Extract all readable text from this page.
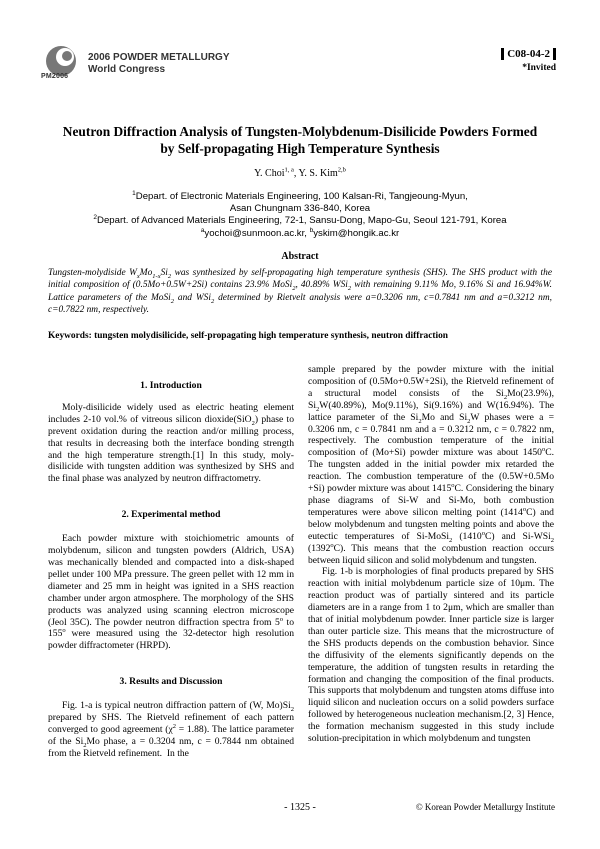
PM2006
2006 POWDER METALLURGY
World Congress
C08-04-2
*Invited
Neutron Diffraction Analysis of Tungsten-Molybdenum-Disilicide Powders Formed
by Self-propagating High Temperature Synthesis
Y. Choi$^{1, a}$, Y. S. Kim$^{2,b}$
$^1$Depart. of Electronic Materials Engineering, 100 Kalsan-Ri, Tangjeoung-Myun,
Asan Chungnam 336-840, Korea
$^2$Depart. of Advanced Materials Engineering, 72-1, Sansu-Dong, Mapo-Gu, Seoul 121-791, Korea
$^a$yochoi@sunmoon.ac.kr, $^b$yskim@hongik.ac.kr
Abstract
Tungsten-molydiside $W_xMo_{1-x}Si_2$ was synthesized by self-propagating high temperature synthesis (SHS). The SHS product with the initial composition of (0.5Mo+0.5W+2Si) contains 23.9% MoSi$_2$, 40.89% WSi$_2$ with remaining 9.11% Mo, 9.16% Si and 16.94%W. Lattice parameters of the MoSi$_2$ and WSi$_2$ determined by Rietvelt analysis were a=0.3206 nm, c=0.7841 nm and a=0.3212 nm, c=0.7822 nm, respectively.
Keywords: tungsten molydisilicide, self-propagating high temperature synthesis, neutron diffraction

1. Introduction

Moly-disilicide widely used as electric heating element includes 2-10 vol.% of vitreous silicon dioxide(SiO$_2$) phase to prevent oxidation during the reaction and/or milling process, that results in decreasing both the interface bonding strength and the high temperature strength.[1] In this study, moly-disilicide with tungsten addition was synthesized by SHS and the final phase was analyzed by neutron diffractometry.

2. Experimental method

Each powder mixture with stoichiometric amounts of molybdenum, silicon and tungsten powders (Aldrich, USA) was mechanically blended and compacted into a disk-shaped pellet under 100 MPa pressure. The green pellet with 12 mm in diameter and 25 mm in height was ignited in a SHS reaction chamber under argon atmosphere. The morphology of the SHS products was analyzed using scanning electron microscope (Jeol 35C). The powder neutron diffraction spectra from 5$^o$ to 155$^o$ were measured using the 32-detector high resolution powder diffractometer (HRPD).

3. Results and Discussion

Fig. 1-a is typical neutron diffraction pattern of (W, $Mo)Si_2$ prepared by SHS. The Rietveld refinement of each pattern converged to good agreement $(\chi^2 = 1.88)$. The lattice parameter of the $Si_2Mo$ phase, a = 0.3204 nm, c = 0.7844 nm obtained from the Rietveld refinement.  In the

sample prepared by the powder mixture with the initial composition of (0.5Mo+0.5W+2Si), the Rietveld refinement of a structural model consists of the $Si_2Mo(23.9\%)$, $Si_2W(40.89\%)$, Mo(9.11%), Si(9.16%) and W(16.94%). The lattice parameter of the $Si_2Mo$ and $Si_2W$ phases were a = 0.3206 nm, c = 0.7841 nm and a = 0.3212 nm, c = 0.7822 nm, respectively. The combustion temperature of the initial composition of (Mo+Si) powder mixture was about 1450$^o$C. The tungsten added in the initial powder mix retarded the reaction. The combustion temperature of the (0.5W+0.5Mo +Si) powder mixture was about 1415$^o$C. Considering the binary phase diagrams of Si-W and Si-Mo, both combustion temperatures were above silicon melting point (1414$^o$C) and below molybdenum and tungsten melting points and above the eutectic temperatures of Si-MoSi$_2$ (1410$^o$C) and Si-WSi$_2$ (1392$^o$C). This means that the combustion reaction occurs between liquid silicon and solid molybdenum and tungsten.

Fig. 1-b is morphologies of final products prepared by SHS reaction with initial molybdenum particle size of 10μm. The reaction product was of partially sintered and its particle diameters are in a range from 1 to 2μm, which are smaller than that of initial molybdenum powder. Inner particle size is larger than outer particle size. This means that the microstructure of the SHS products depends on the combustion behavior. Since the diffusivity of the elements significantly depends on the temperature, the addition of tungsten results in retarding the formation and changing the composition of the final products. This supports that molybdenum and tungsten atoms diffuse into liquid silicon and nucleation occurs on a solid powders surface followed by heterogeneous nucleation mechanism.[2, 3] Hence, the formation mechanism suggested in this study include solution-precipitation in which molybdenum and tungsten

- 1325 -	© Korean Powder Metallurgy Institute
